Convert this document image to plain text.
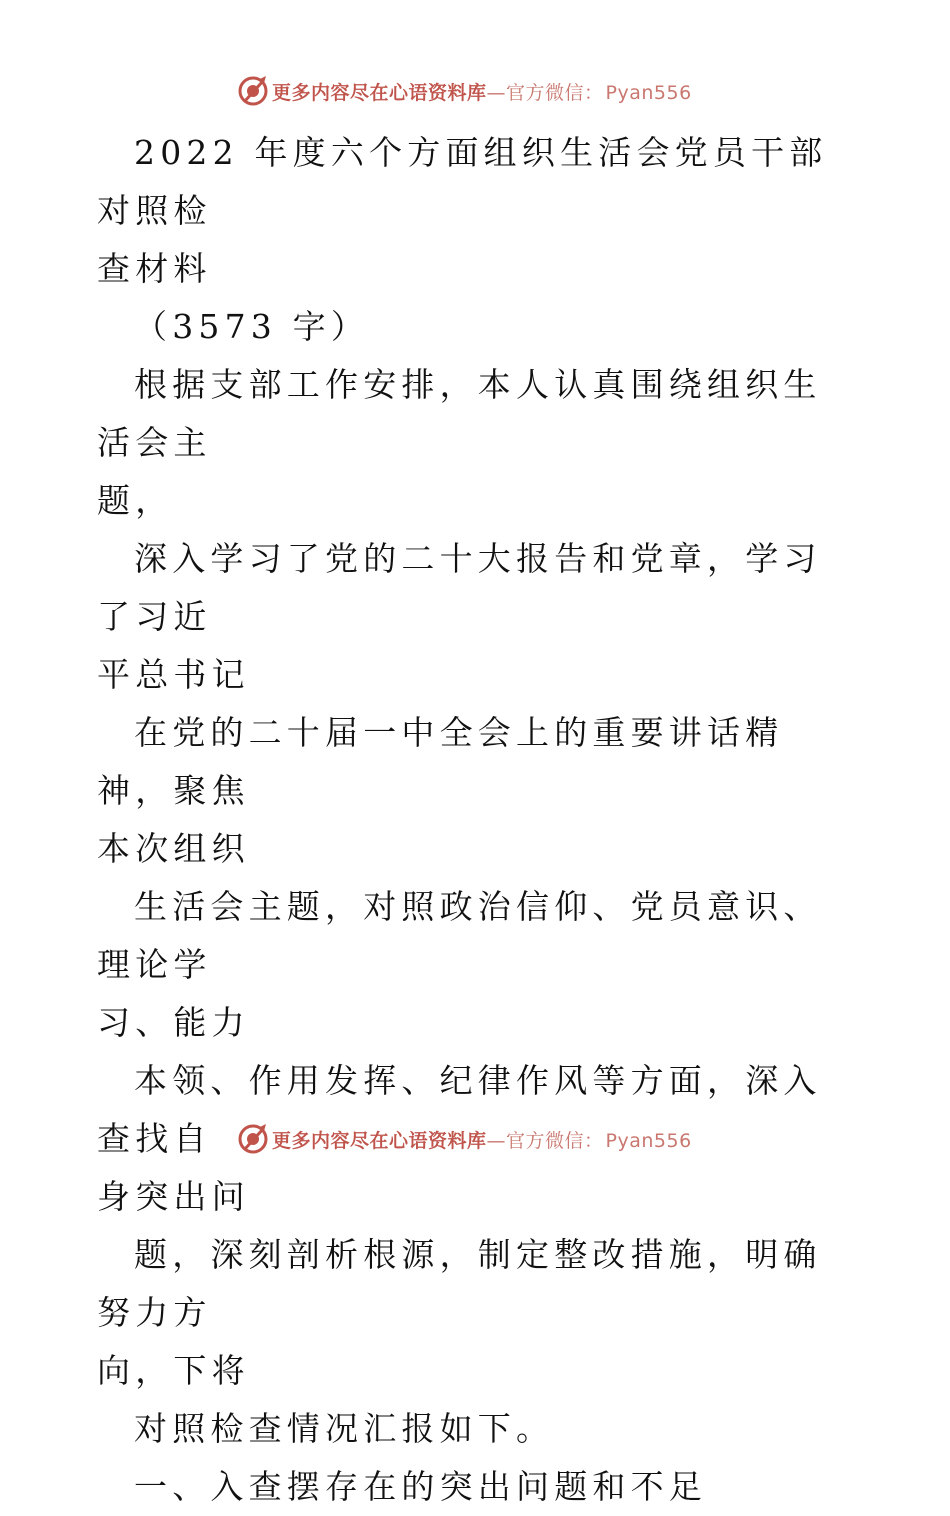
更多内容尽在心语资料库—官方微信： Pyan556

2022 年度六个方面组织生活会党员干部对照检
查材料

（3573 字）

根据支部工作安排，本人认真围绕组织生活会主
题，

深入学习了党的二十大报告和党章，学习了习近
平总书记

在党的二十届一中全会上的重要讲话精神，聚焦
本次组织

生活会主题，对照政治信仰、党员意识、理论学
习、能力

本领、作用发挥、纪律作风等方面，深入查找自
身突出问

题，深刻剖析根源，制定整改措施，明确努力方
向，下将

对照检查情况汇报如下。

一、入查摆存在的突出问题和不足

更多内容尽在心语资料库—官方微信： Pyan556
